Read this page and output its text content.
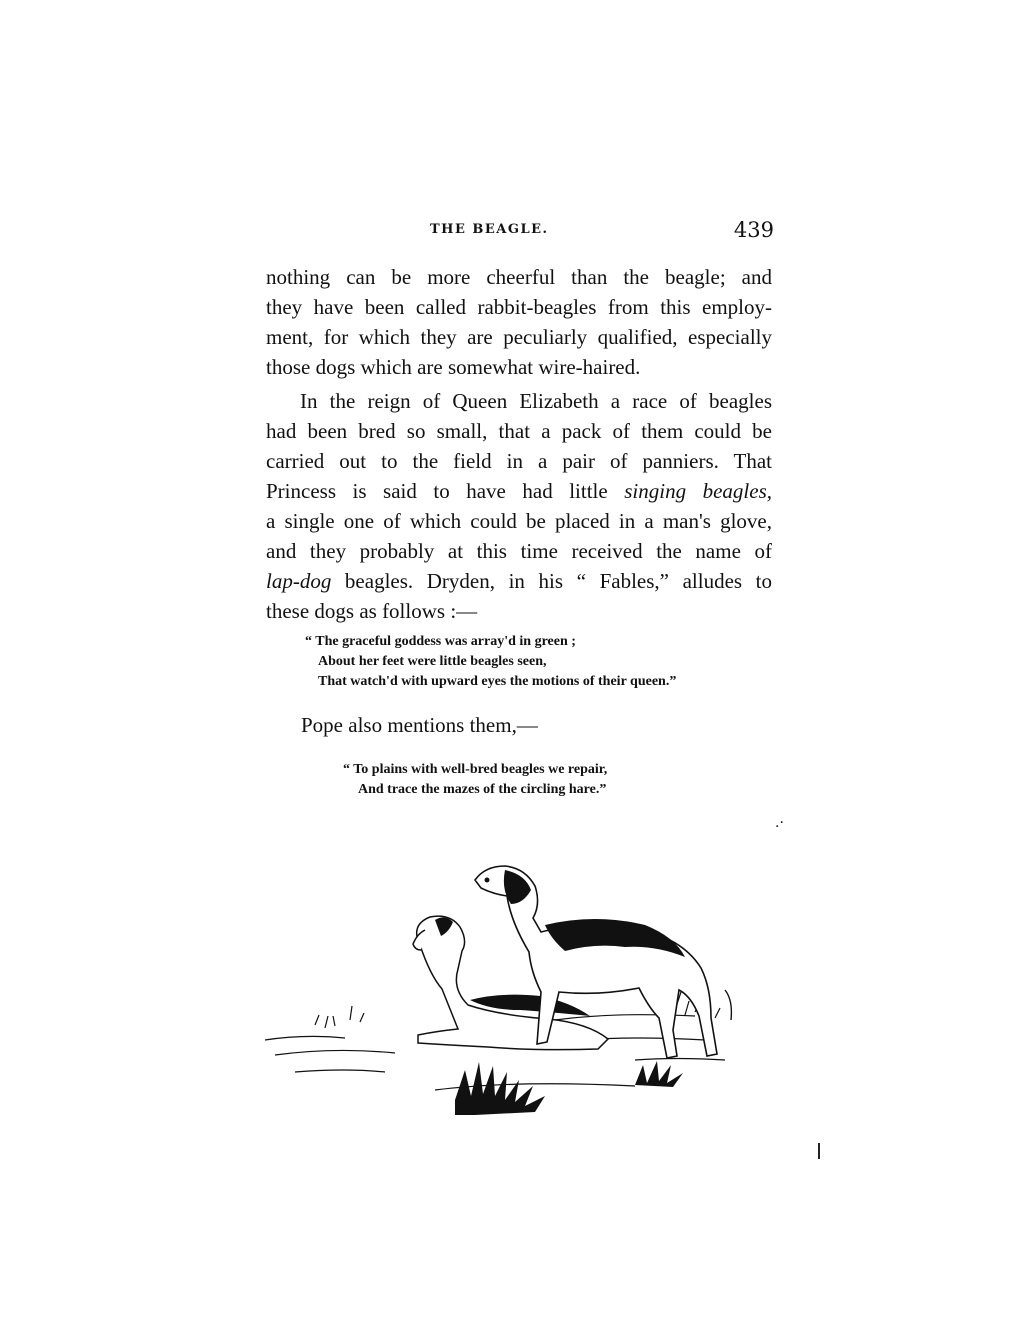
THE BEAGLE.	439

nothing can be more cheerful than the beagle; and
they have been called rabbit-beagles from this employ-
ment, for which they are peculiarly qualified, especially
those dogs which are somewhat wire-haired.

In the reign of Queen Elizabeth a race of beagles
had been bred so small, that a pack of them could be
carried out to the field in a pair of panniers. That
Princess is said to have had little singing beagles,
a single one of which could be placed in a man's glove,
and they probably at this time received the name of
lap-dog beagles. Dryden, in his “ Fables,” alludes to
these dogs as follows :—

“ The graceful goddess was array'd in green ;
About her feet were little beagles seen,
That watch'd with upward eyes the motions of their queen.”
Pope also mentions them,—
“ To plains with well-bred beagles we repair,
And trace the mazes of the circling hare.”
.·
